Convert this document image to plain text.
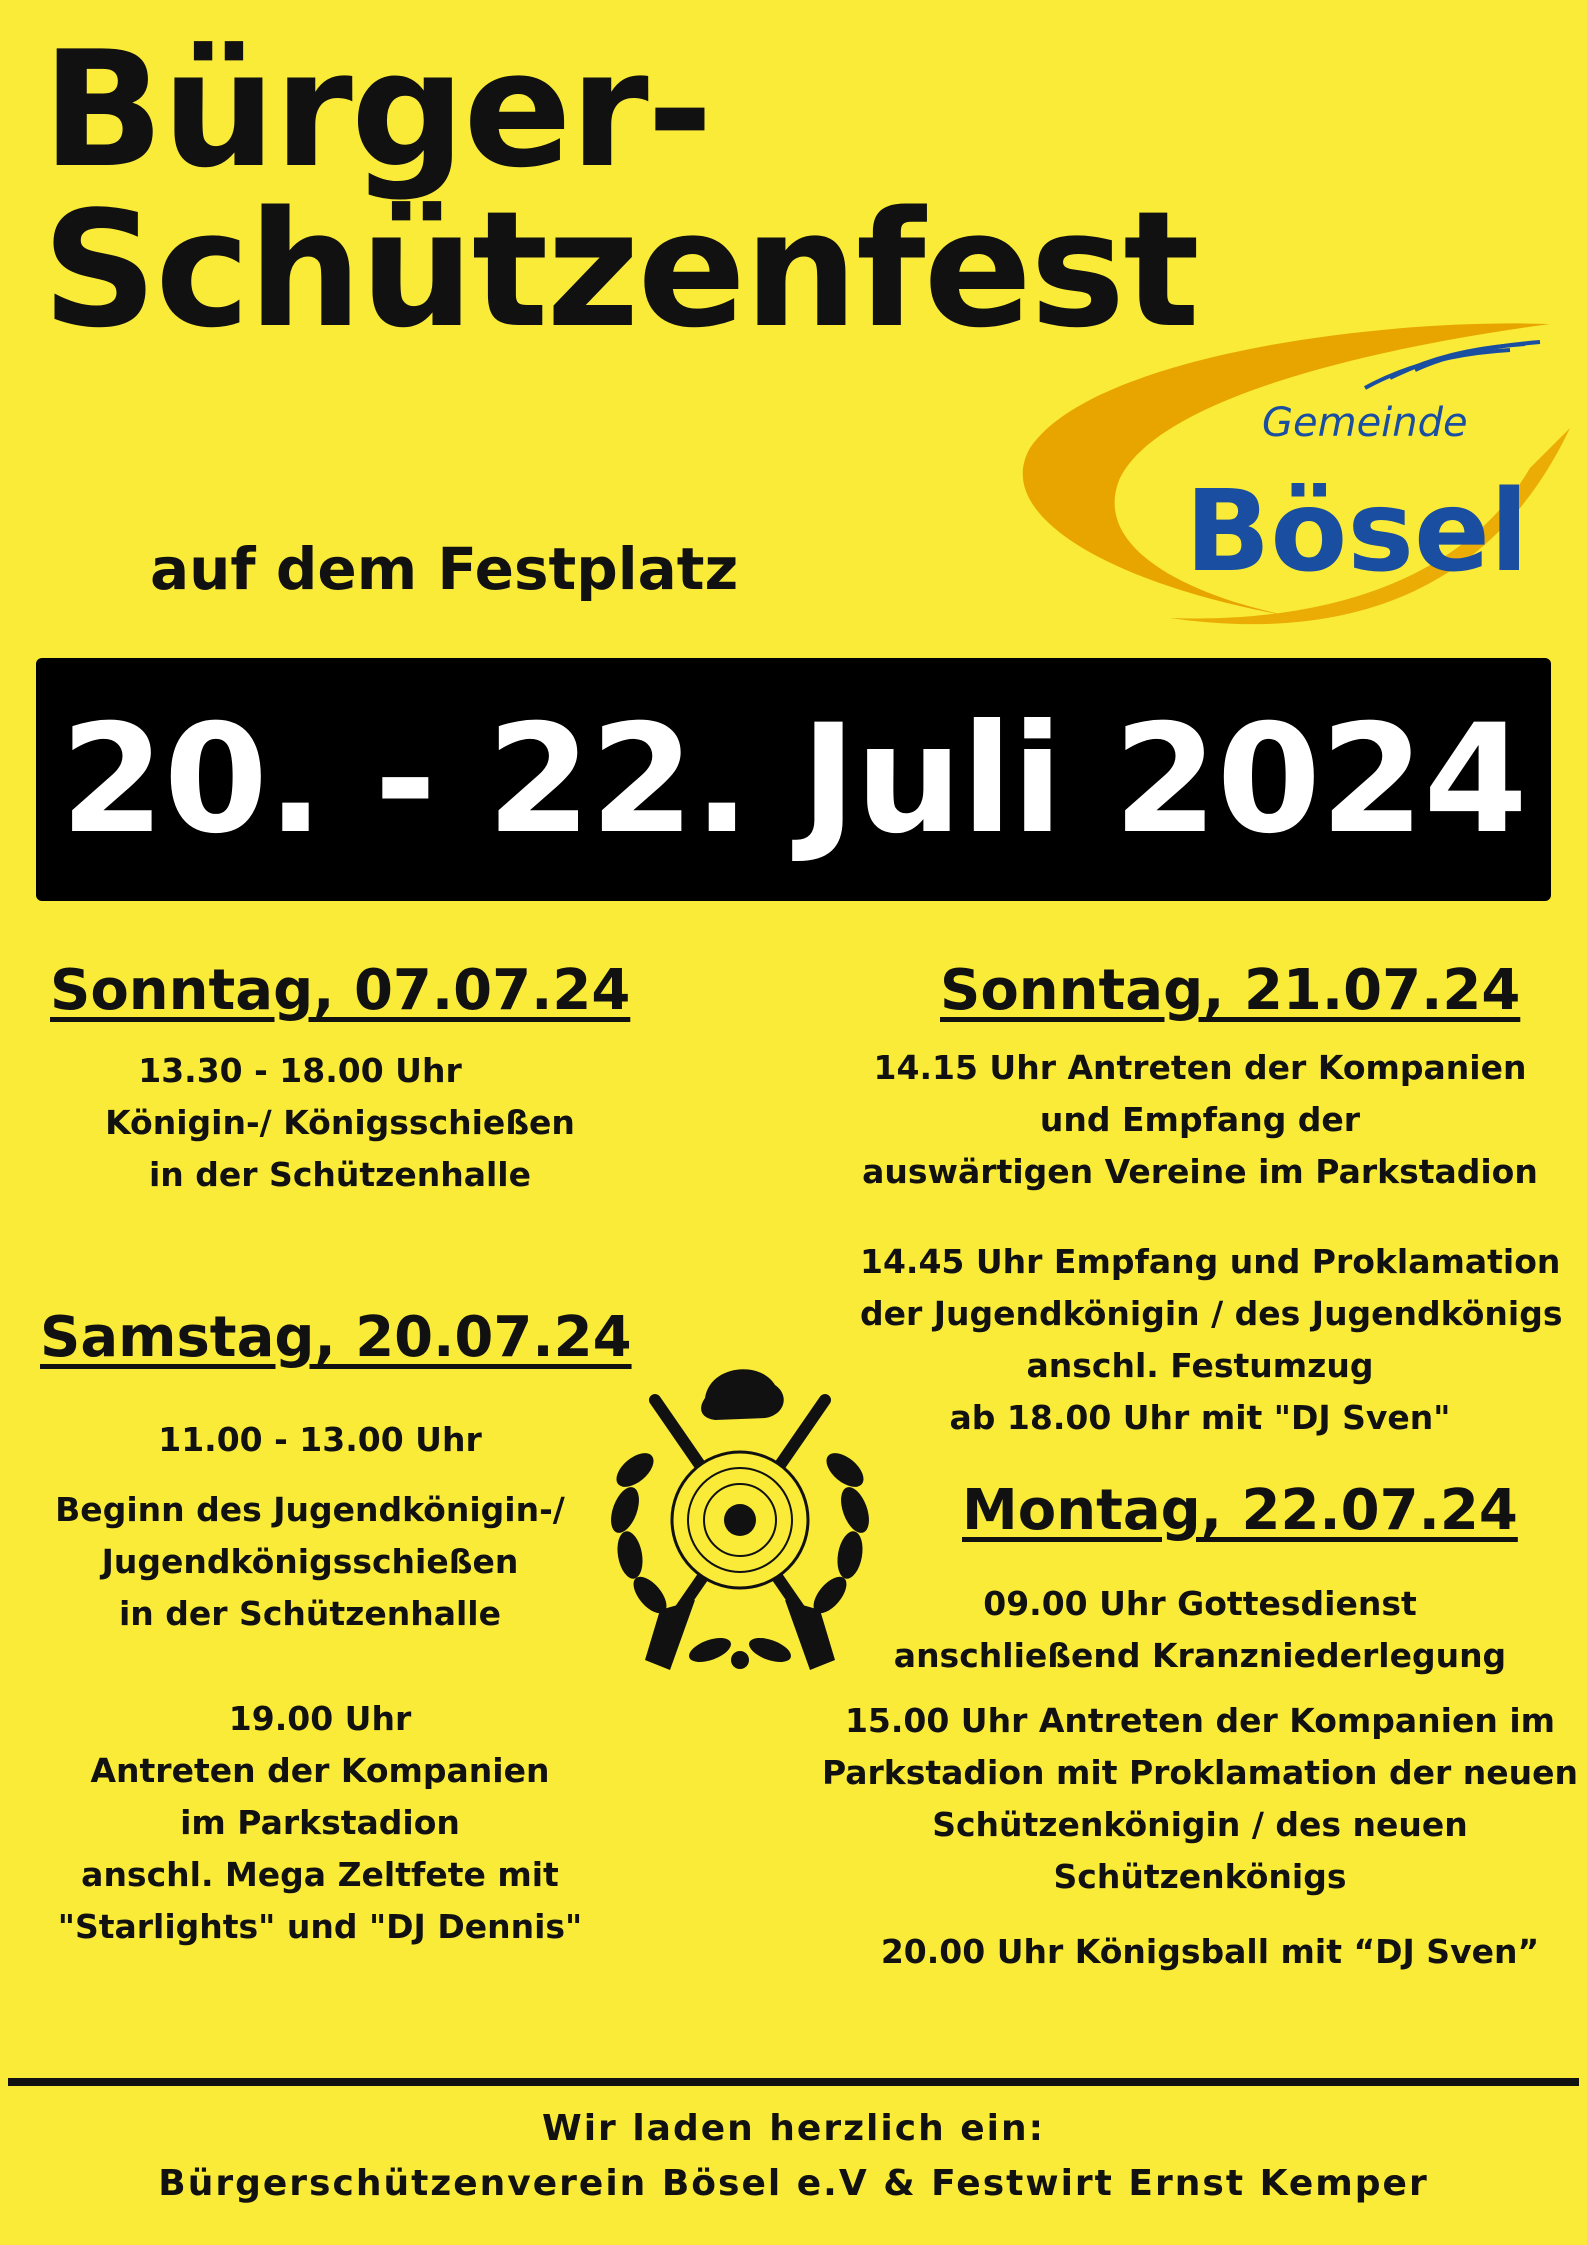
Bürger-
Schützenfest
Gemeinde
Bösel
auf dem Festplatz
20. - 22. Juli 2024
Sonntag, 07.07.24
13.30 - 18.00 Uhr
Königin-/ Königsschießen
in der Schützenhalle
Samstag, 20.07.24
11.00 - 13.00 Uhr
Beginn des Jugendkönigin-/
Jugendkönigsschießen
in der Schützenhalle
19.00 Uhr
Antreten der Kompanien
im Parkstadion
anschl. Mega Zeltfete mit
"Starlights" und "DJ Dennis"
Sonntag, 21.07.24
14.15 Uhr Antreten der Kompanien
und Empfang der
auswärtigen Vereine im Parkstadion
14.45 Uhr Empfang und Proklamation
der Jugendkönigin / des Jugendkönigs
anschl. Festumzug
ab 18.00 Uhr mit "DJ Sven"
Montag, 22.07.24
09.00 Uhr Gottesdienst
anschließend Kranzniederlegung
15.00 Uhr Antreten der Kompanien im
Parkstadion mit Proklamation der neuen
Schützenkönigin / des neuen
Schützenkönigs
20.00 Uhr Königsball mit “DJ Sven”
Wir laden herzlich ein:
Bürgerschützenverein Bösel e.V & Festwirt Ernst Kemper
